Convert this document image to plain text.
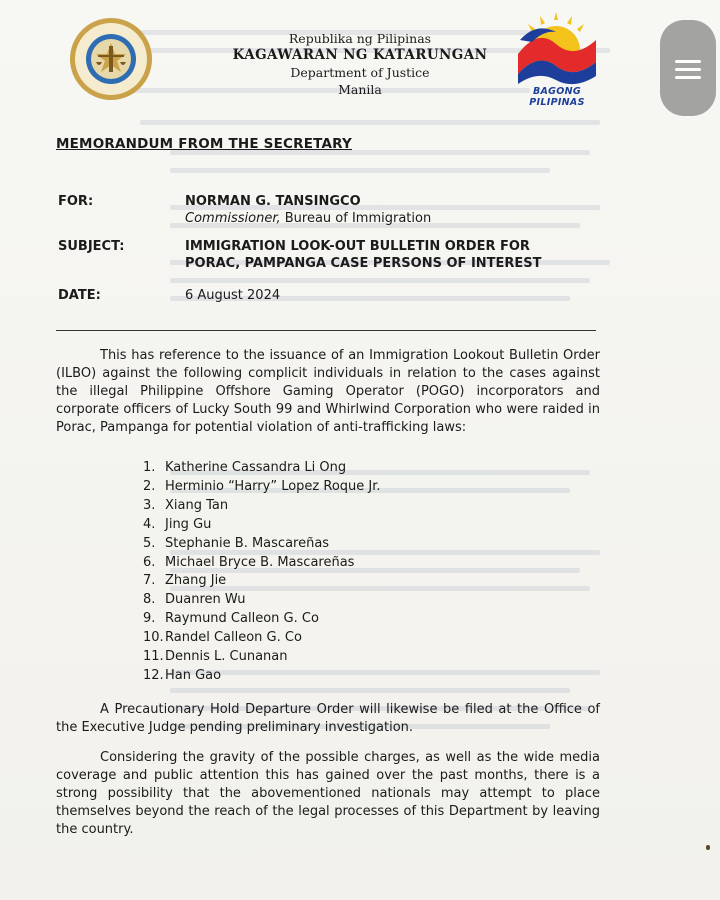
Republika ng Pilipinas
KAGAWARAN NG KATARUNGAN
Department of Justice
Manila	BAGONG PILIPINAS
MEMORANDUM FROM THE SECRETARY
FOR:	NORMAN G. TANSINGCO
Commissioner, Bureau of Immigration
SUBJECT:	IMMIGRATION LOOK-OUT BULLETIN ORDER FOR
PORAC, PAMPANGA CASE PERSONS OF INTEREST
DATE:	6 August 2024
This has reference to the issuance of an Immigration Lookout Bulletin Order (ILBO) against the following complicit individuals in relation to the cases against the illegal Philippine Offshore Gaming Operator (POGO) incorporators and corporate officers of Lucky South 99 and Whirlwind Corporation who were raided in Porac, Pampanga for potential violation of anti-trafficking laws:
1. Katherine Cassandra Li Ong
2. Herminio “Harry” Lopez Roque Jr.
3. Xiang Tan
4. Jing Gu
5. Stephanie B. Mascareñas
6. Michael Bryce B. Mascareñas
7. Zhang Jie
8. Duanren Wu
9. Raymund Calleon G. Co
10.Randel Calleon G. Co
11.Dennis L. Cunanan
12.Han Gao
A Precautionary Hold Departure Order will likewise be filed at the Office of the Executive Judge pending preliminary investigation.
Considering the gravity of the possible charges, as well as the wide media coverage and public attention this has gained over the past months, there is a strong possibility that the abovementioned nationals may attempt to place themselves beyond the reach of the legal processes of this Department by leaving the country.
